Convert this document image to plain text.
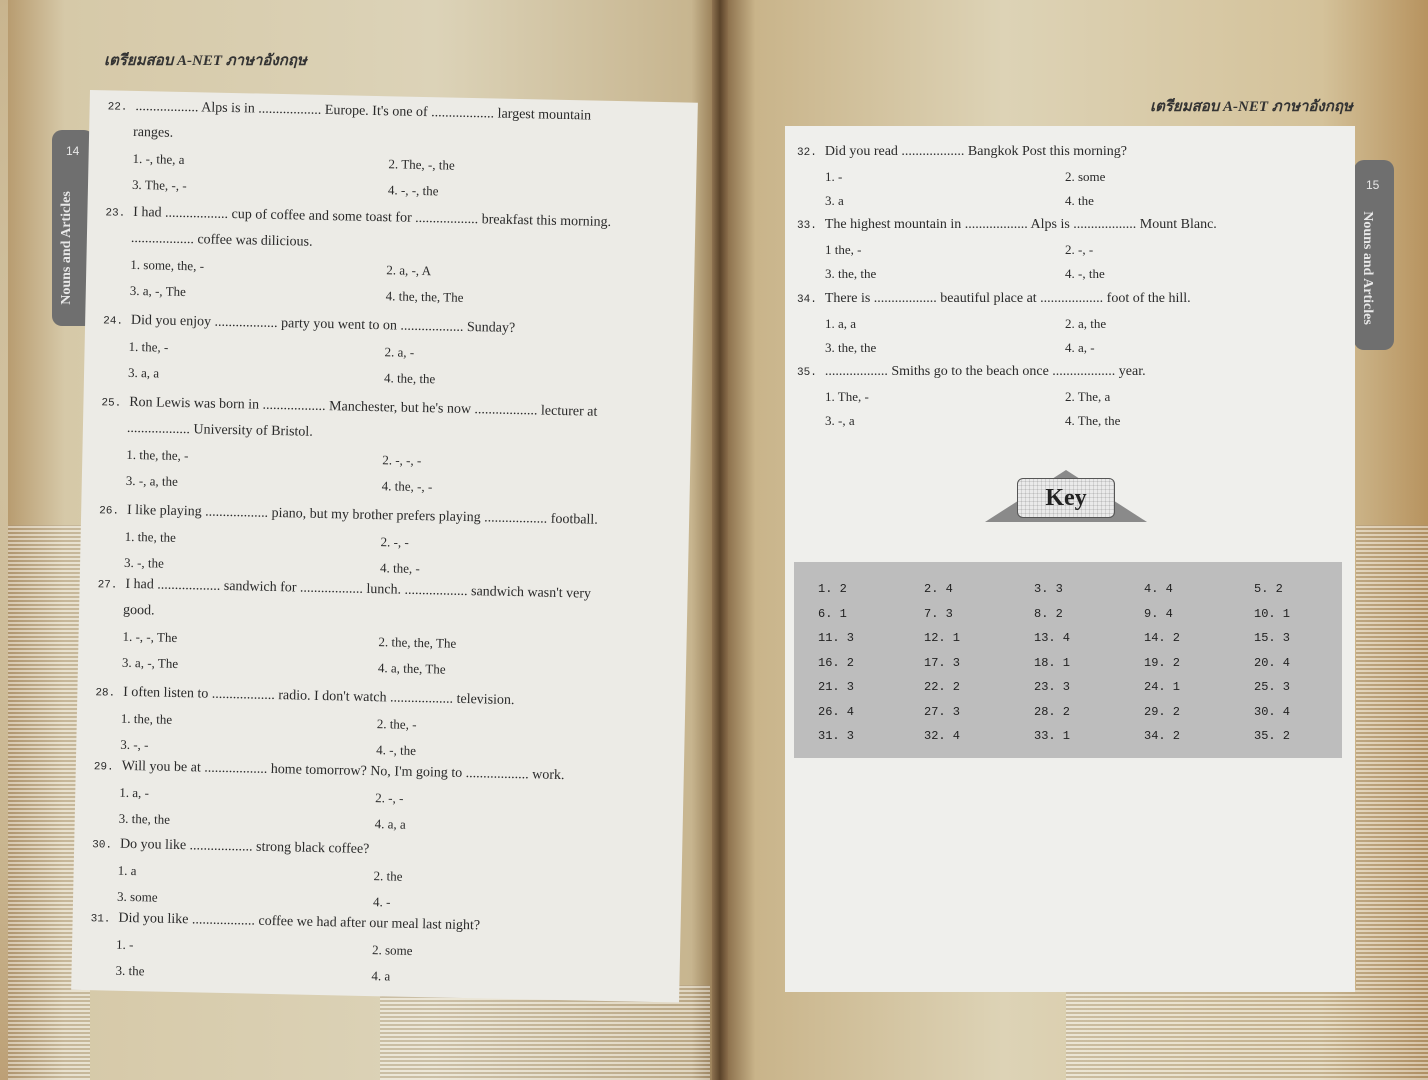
เตรียมสอบ A-NET ภาษาอังกฤษ
14
Nouns and Articles
22. .................. Alps is in .................. Europe. It's one of .................. largest mountain
ranges.
1. -, the, a	2. The, -, the
3. The, -, -	4. -, -, the
23. I had .................. cup of coffee and some toast for .................. breakfast this morning.
.................. coffee was dilicious.
1. some, the, -	2. a, -, A
3. a, -, The	4. the, the, The
24. Did you enjoy .................. party you went to on .................. Sunday?
1. the, -	2. a, -
3. a, a	4. the, the
25. Ron Lewis was born in .................. Manchester, but he's now .................. lecturer at
.................. University of Bristol.
1. the, the, -	2. -, -, -
3. -, a, the	4. the, -, -
26. I like playing .................. piano, but my brother prefers playing .................. football.
1. the, the	2. -, -
3. -, the	4. the, -
27. I had .................. sandwich for .................. lunch. .................. sandwich wasn't very
good.
1. -, -, The	2. the, the, The
3. a, -, The	4. a, the, The
28. I often listen to .................. radio. I don't watch .................. television.
1. the, the	2. the, -
3. -, -	4. -, the
29. Will you be at .................. home tomorrow? No, I'm going to .................. work.
1. a, -	2. -, -
3. the, the	4. a, a
30. Do you like .................. strong black coffee?
1. a	2. the
3. some	4. -
31. Did you like .................. coffee we had after our meal last night?
1. -	2. some
3. the	4. a
เตรียมสอบ A-NET ภาษาอังกฤษ
15
Nouns and Articles
32. Did you read .................. Bangkok Post this morning?
1. -	2. some
3. a	4. the
33. The highest mountain in .................. Alps is .................. Mount Blanc.
1 the, -	2. -, -
3. the, the	4. -, the
34. There is .................. beautiful place at .................. foot of the hill.
1. a, a	2. a, the
3. the, the	4. a, -
35. .................. Smiths go to the beach once .................. year.
1. The, -	2. The, a
3. -, a	4. The, the
Key
1. 2	2. 4	3. 3	4. 4	5. 2
6. 1	7. 3	8. 2	9. 4	10. 1
11. 3	12. 1	13. 4	14. 2	15. 3
16. 2	17. 3	18. 1	19. 2	20. 4
21. 3	22. 2	23. 3	24. 1	25. 3
26. 4	27. 3	28. 2	29. 2	30. 4
31. 3	32. 4	33. 1	34. 2	35. 2
